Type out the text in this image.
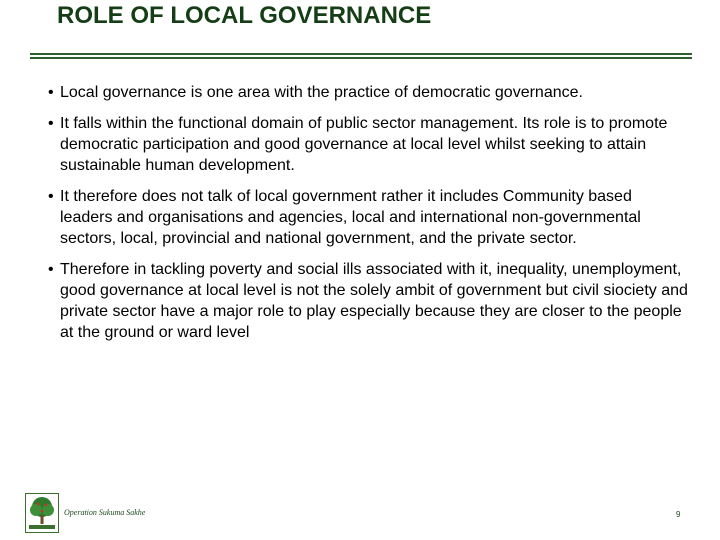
ROLE OF LOCAL GOVERNANCE
• Local governance is one area with the practice of democratic governance.
• It falls within the functional domain of public sector management. Its role is to promote democratic participation and good governance at local level whilst seeking to attain sustainable human development.
• It therefore does not talk of local government rather it includes Community based leaders and organisations and agencies, local and international non-governmental sectors, local, provincial and national government, and the private sector.
• Therefore in tackling poverty and social ills associated with it, inequality, unemployment, good governance at local level is not the solely ambit of government but civil siociety and private sector have a major role to play especially because they are closer to the people at the ground or ward level
Operation Sukuma Sakhe	9
